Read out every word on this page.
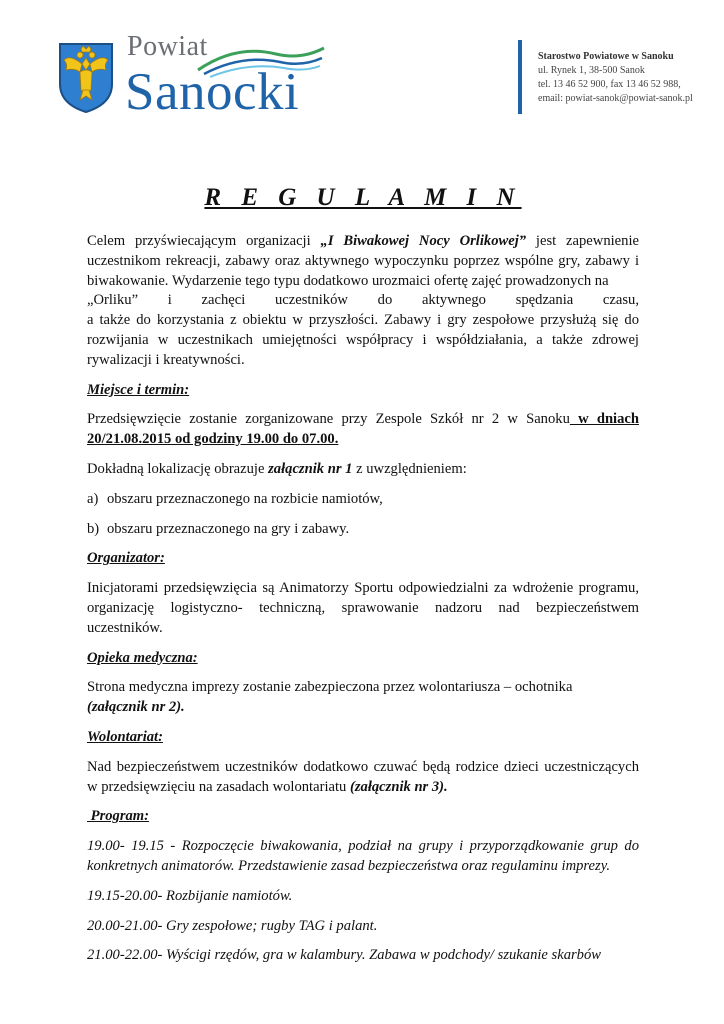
Powiat
Sanocki
Starostwo Powiatowe w Sanoku
ul. Rynek 1, 38-500 Sanok
tel. 13 46 52 900, fax 13 46 52 988,
email: powiat-sanok@powiat-sanok.pl
R E G U L A M I N

Celem przyświecającym organizacji „I Biwakowej Nocy Orlikowej” jest zapewnienie uczestnikom rekreacji, zabawy oraz aktywnego wypoczynku poprzez wspólne gry, zabawy i biwakowanie. Wydarzenie tego typu dodatkowo urozmaici ofertę zajęć prowadzonych na
„Orliku” i zachęci uczestników do aktywnego spędzania czasu,
a także do korzystania z obiektu w przyszłości. Zabawy i gry zespołowe przysłużą się do rozwijania w uczestnikach umiejętności współpracy i współdziałania, a także zdrowej rywalizacji i kreatywności.

Miejsce i termin:

Przedsięwzięcie zostanie zorganizowane przy Zespole Szkół nr 2 w Sanoku w dniach 20/21.08.2015 od godziny 19.00 do 07.00.

Dokładną lokalizację obrazuje załącznik nr 1 z uwzględnieniem:

a) obszaru przeznaczonego na rozbicie namiotów,
b) obszaru przeznaczonego na gry i zabawy.
Organizator:

Inicjatorami przedsięwzięcia są Animatorzy Sportu odpowiedzialni za wdrożenie programu, organizację logistyczno- techniczną, sprawowanie nadzoru nad bezpieczeństwem uczestników.

Opieka medyczna:

Strona medyczna imprezy zostanie zabezpieczona przez wolontariusza – ochotnika
(załącznik nr 2).

Wolontariat:

Nad bezpieczeństwem uczestników dodatkowo czuwać będą rodzice dzieci uczestniczących w przedsięwzięciu na zasadach wolontariatu (załącznik nr 3).

Program:
19.00- 19.15 - Rozpoczęcie biwakowania, podział na grupy i przyporządkowanie grup do konkretnych animatorów. Przedstawienie zasad bezpieczeństwa oraz regulaminu imprezy.
19.15-20.00- Rozbijanie namiotów.
20.00-21.00- Gry zespołowe; rugby TAG i palant.
21.00-22.00- Wyścigi rzędów, gra w kalambury. Zabawa w podchody/ szukanie skarbów
